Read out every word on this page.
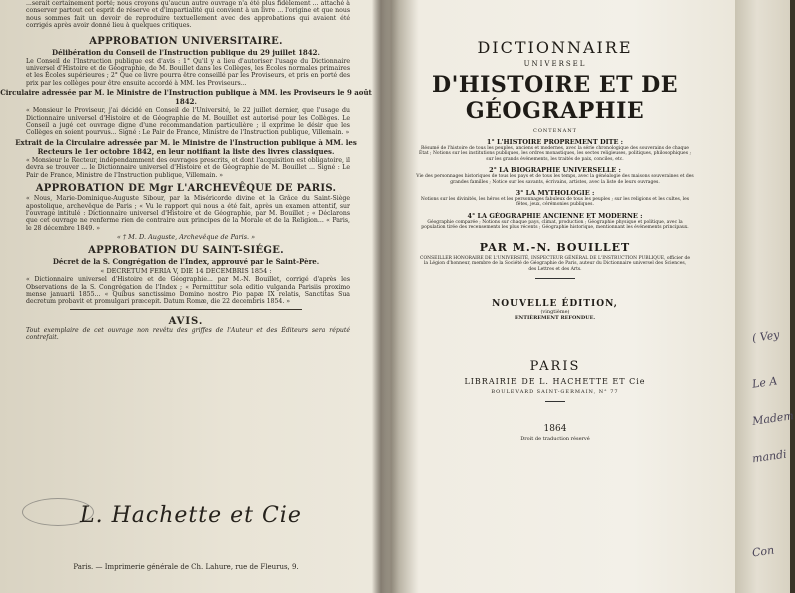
...serait certainement porté; nous croyons qu'aucun autre ouvrage n'a été plus fidèlement ... attaché à conserver partout cet esprit de réserve et d'impartialité qui convient à un livre ... l'origine et que nous nous sommes fait un devoir de reproduire textuellement avec des approbations qui avaient été corrigés après avoir donné lieu à quelques critiques.

APPROBATION UNIVERSITAIRE.
Délibération du Conseil de l'Instruction publique du 29 juillet 1842.

Le Conseil de l'Instruction publique est d'avis : 1° Qu'il y a lieu d'autoriser l'usage du Dictionnaire universel d'Histoire et de Géographie, de M. Bouillet dans les Collèges, les Écoles normales primaires et les Écoles supérieures ; 2° Que ce livre pourra être conseillé par les Proviseurs, et pris en porté des prix par les collèges pour être ensuite accordé à MM. les Proviseurs...

Circulaire adressée par M. le Ministre de l'Instruction publique à MM. les Proviseurs le 9 août 1842.

« Monsieur le Proviseur, j'ai décidé en Conseil de l'Université, le 22 juillet dernier, que l'usage du Dictionnaire universel d'Histoire et de Géographie de M. Bouillet est autorisé pour les Collèges. Le Conseil a jugé cet ouvrage digne d'une recommandation particulière ; il exprime le désir que les Collèges en soient pourvus... Signé : Le Pair de France, Ministre de l'Instruction publique, Villemain. »

Extrait de la Circulaire adressée par M. le Ministre de l'Instruction publique à MM. les Recteurs le 1er octobre 1842, en leur notifiant la liste des livres classiques.

« Monsieur le Recteur, indépendamment des ouvrages prescrits, et dont l'acquisition est obligatoire, il devra se trouver ... le Dictionnaire universel d'Histoire et de Géographie de M. Bouillet ... Signé : Le Pair de France, Ministre de l'Instruction publique, Villemain. »

APPROBATION DE Mgr L'ARCHEVÊQUE DE PARIS.

« Nous, Marie-Dominique-Auguste Sibour, par la Miséricorde divine et la Grâce du Saint-Siège apostolique, archevêque de Paris ; « Vu le rapport qui nous a été fait, après un examen attentif, sur l'ouvrage intitulé : Dictionnaire universel d'Histoire et de Géographie, par M. Bouillet ; « Déclarons que cet ouvrage ne renferme rien de contraire aux principes de la Morale et de la Religion... « Paris, le 28 décembre 1849. »

« † M. D. Auguste, Archevêque de Paris. »
APPROBATION DU SAINT-SIÉGE.
Décret de la S. Congrégation de l'Index, approuvé par le Saint-Père.
« DECRETUM FERIA V, DIE 14 DECEMBRIS 1854 :

« Dictionnaire universel d'Histoire et de Géographie... par M.-N. Bouillet, corrigé d'après les Observations de la S. Congrégation de l'Index ; « Permittitur sola editio vulganda Parisiis proximo mense januarii 1855... « Quibus sanctissimo Domino nostro Pio papæ IX relatis, Sanctitas Sua decretum probavit et promulgari præcepit. Datum Romæ, die 22 decembris 1854. »

AVIS.

Tout exemplaire de cet ouvrage non revêtu des griffes de l'Auteur et des Éditeurs sera réputé contrefait.

L. Hachette et Cie
Paris. — Imprimerie générale de Ch. Lahure, rue de Fleurus, 9.
DICTIONNAIRE
UNIVERSEL
D'HISTOIRE ET DE GÉOGRAPHIE
CONTENANT
1° L'HISTOIRE PROPREMENT DITE :
Résumé de l'histoire de tous les peuples, anciens et modernes, avec la série chronologique des souverains de chaque État ; Notions sur les institutions publiques, les ordres monastiques, les sectes religieuses, politiques, philosophiques ; sur les grands événements, les traités de paix, conciles, etc.
2° LA BIOGRAPHIE UNIVERSELLE :
Vie des personnages historiques de tous les pays et de tous les temps, avec la généalogie des maisons souveraines et des grandes familles ; Notice sur les savants, écrivains, artistes, avec la liste de leurs ouvrages.
3° LA MYTHOLOGIE :
Notions sur les divinités, les héros et les personnages fabuleux de tous les peuples ; sur les religions et les cultes, les fêtes, jeux, cérémonies publiques.
4° LA GÉOGRAPHIE ANCIENNE ET MODERNE :
Géographie comparée ; Notions sur chaque pays, climat, production ; Géographie physique et politique, avec la population tirée des recensements les plus récents ; Géographie historique, mentionnant les événements principaux.
PAR M.-N. BOUILLET
CONSEILLER HONORAIRE DE L'UNIVERSITÉ, INSPECTEUR GÉNÉRAL DE L'INSTRUCTION PUBLIQUE, officier de la Légion d'honneur, membre de la Société de Géographie de Paris, auteur du Dictionnaire universel des Sciences, des Lettres et des Arts.
NOUVELLE ÉDITION,
(vingtième)
ENTIÈREMENT REFONDUE.
PARIS
LIBRAIRIE DE L. HACHETTE ET Cie
BOULEVARD SAINT-GERMAIN, N° 77
1864
Droit de traduction réservé
( Vey
Le A
Madem
mandi
Con
